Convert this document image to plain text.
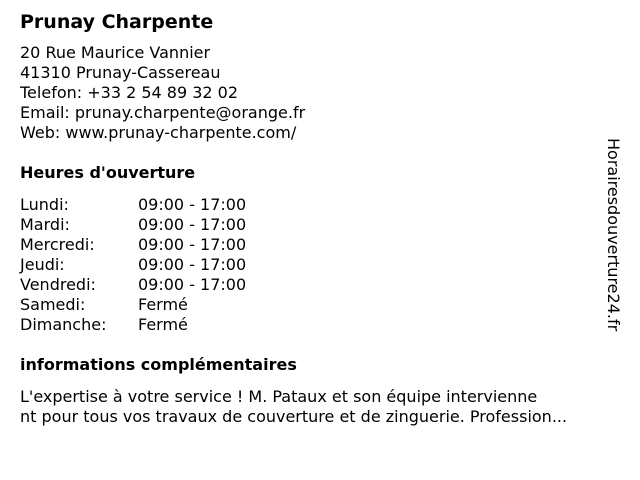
Prunay Charpente
20 Rue Maurice Vannier
41310 Prunay-Cassereau
Telefon: +33 2 54 89 32 02
Email: prunay.charpente@orange.fr
Web: www.prunay-charpente.com/
Heures d'ouverture
Lundi:	09:00 - 17:00
Mardi:	09:00 - 17:00
Mercredi:	09:00 - 17:00
Jeudi:	09:00 - 17:00
Vendredi:	09:00 - 17:00
Samedi:	Fermé
Dimanche:	Fermé
informations complémentaires
L'expertise à votre service ! M. Pataux et son équipe intervienne
nt pour tous vos travaux de couverture et de zinguerie. Profession...
Horairesdouverture24.fr
